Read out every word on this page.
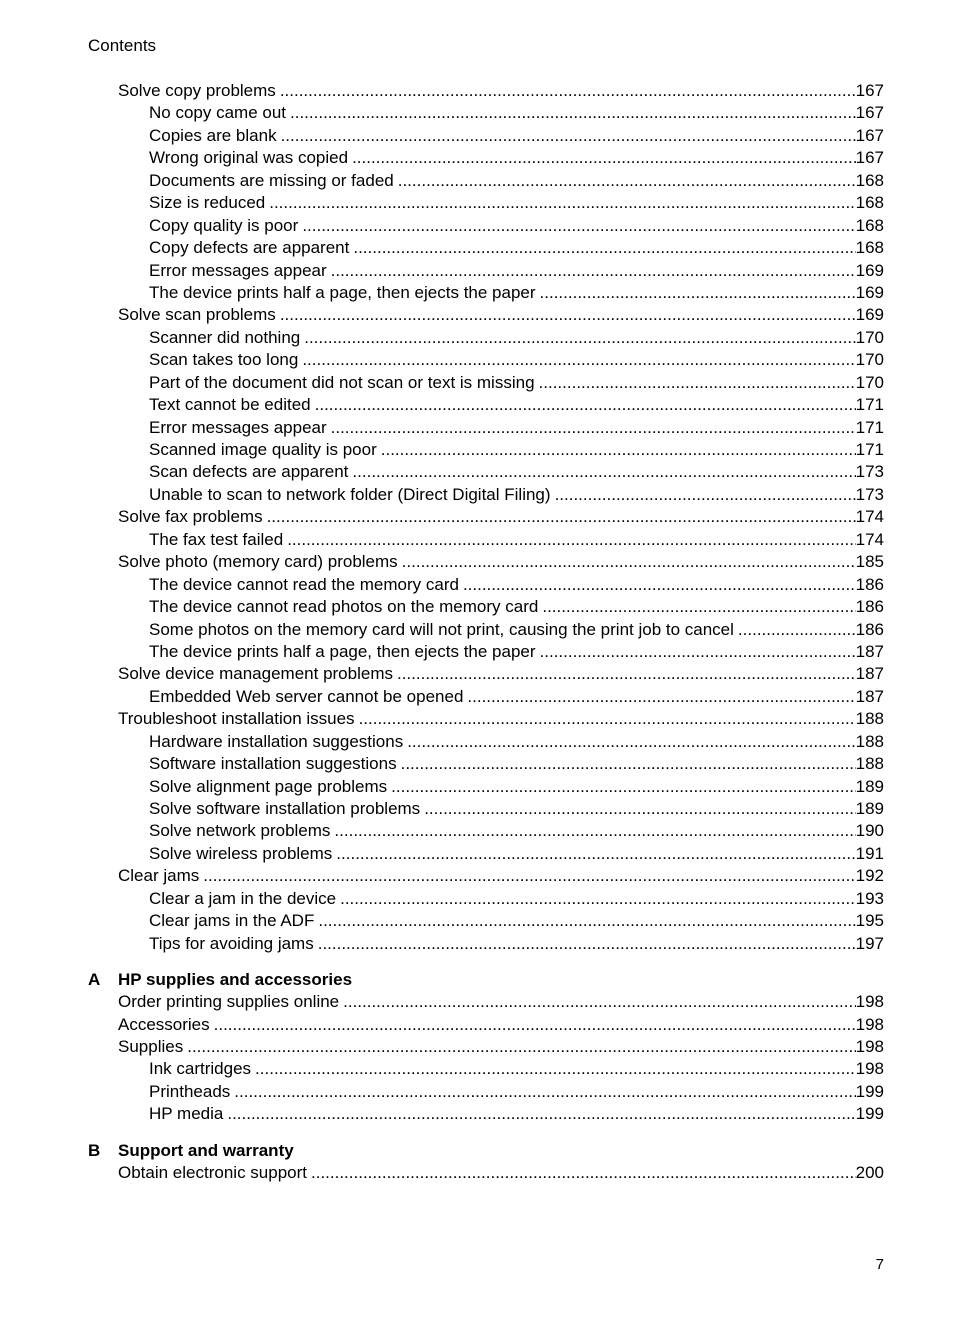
Contents
Solve copy problems .....	167
No copy came out .....	167
Copies are blank .....	167
Wrong original was copied .....	167
Documents are missing or faded .....	168
Size is reduced .....	168
Copy quality is poor .....	168
Copy defects are apparent .....	168
Error messages appear .....	169
The device prints half a page, then ejects the paper .....	169
Solve scan problems .....	169
Scanner did nothing .....	170
Scan takes too long .....	170
Part of the document did not scan or text is missing .....	170
Text cannot be edited .....	171
Error messages appear .....	171
Scanned image quality is poor .....	171
Scan defects are apparent .....	173
Unable to scan to network folder (Direct Digital Filing) .....	173
Solve fax problems .....	174
The fax test failed .....	174
Solve photo (memory card) problems .....	185
The device cannot read the memory card .....	186
The device cannot read photos on the memory card .....	186
Some photos on the memory card will not print, causing the print job to cancel .....	186
The device prints half a page, then ejects the paper .....	187
Solve device management problems .....	187
Embedded Web server cannot be opened .....	187
Troubleshoot installation issues .....	188
Hardware installation suggestions .....	188
Software installation suggestions .....	188
Solve alignment page problems .....	189
Solve software installation problems .....	189
Solve network problems .....	190
Solve wireless problems .....	191
Clear jams .....	192
Clear a jam in the device .....	193
Clear jams in the ADF .....	195
Tips for avoiding jams .....	197
A	HP supplies and accessories
Order printing supplies online .....	198
Accessories .....	198
Supplies .....	198
Ink cartridges .....	198
Printheads .....	199
HP media .....	199
B	Support and warranty
Obtain electronic support .....	200
7
